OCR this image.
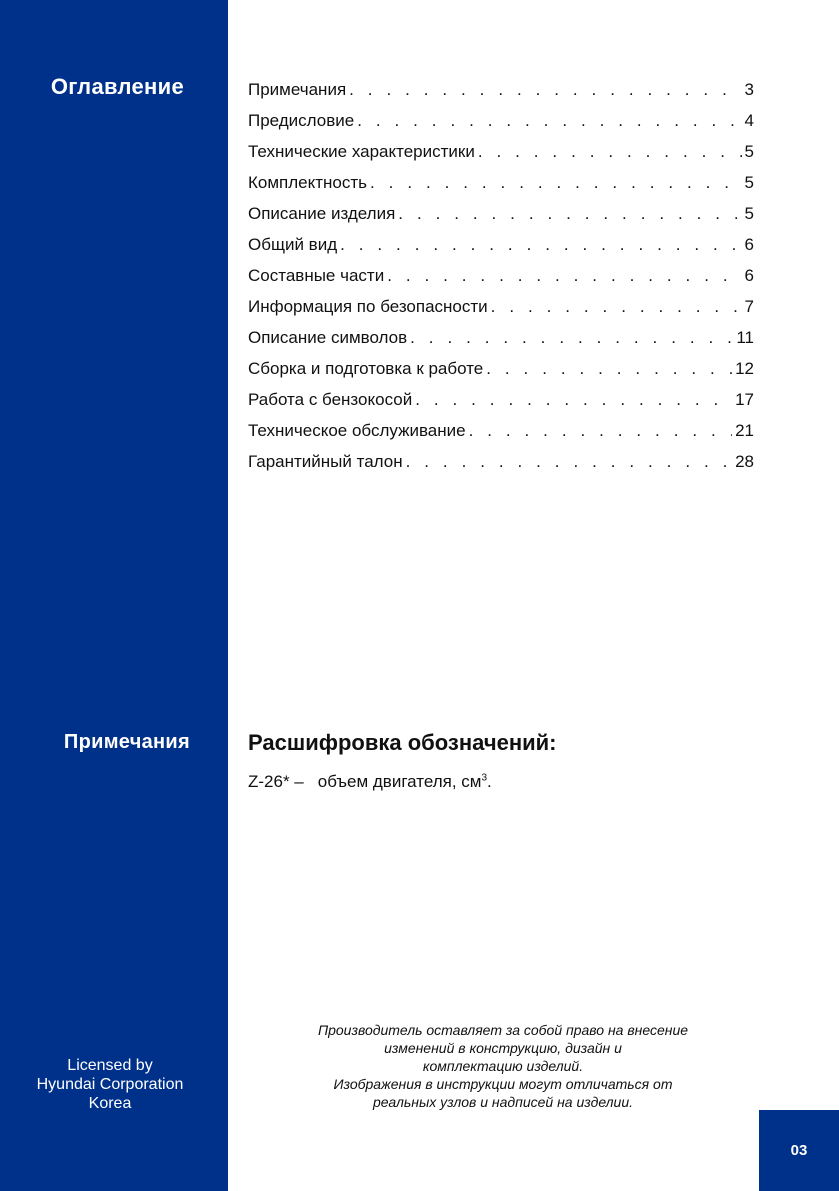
Оглавление
Примечания
Licensed by
Hyundai Corporation
Korea
Примечания . . .	3
Предисловие . . .	4
Технические характеристики . . .	5
Комплектность . . .	5
Описание изделия . . .	5
Общий вид . . .	6
Составные части . . .	6
Информация по безопасности . . .	7
Описание символов . . .	11
Сборка и подготовка к работе . . .	12
Работа с бензокосой . . .	17
Техническое обслуживание . . .	21
Гарантийный талон . . .	28
Расшифровка обозначений:
Z-26* – объем двигателя, $см^3$.
Производитель оставляет за собой право на внесение
изменений в конструкцию, дизайн и
комплектацию изделий.
Изображения в инструкции могут отличаться от
реальных узлов и надписей на изделии.
03
